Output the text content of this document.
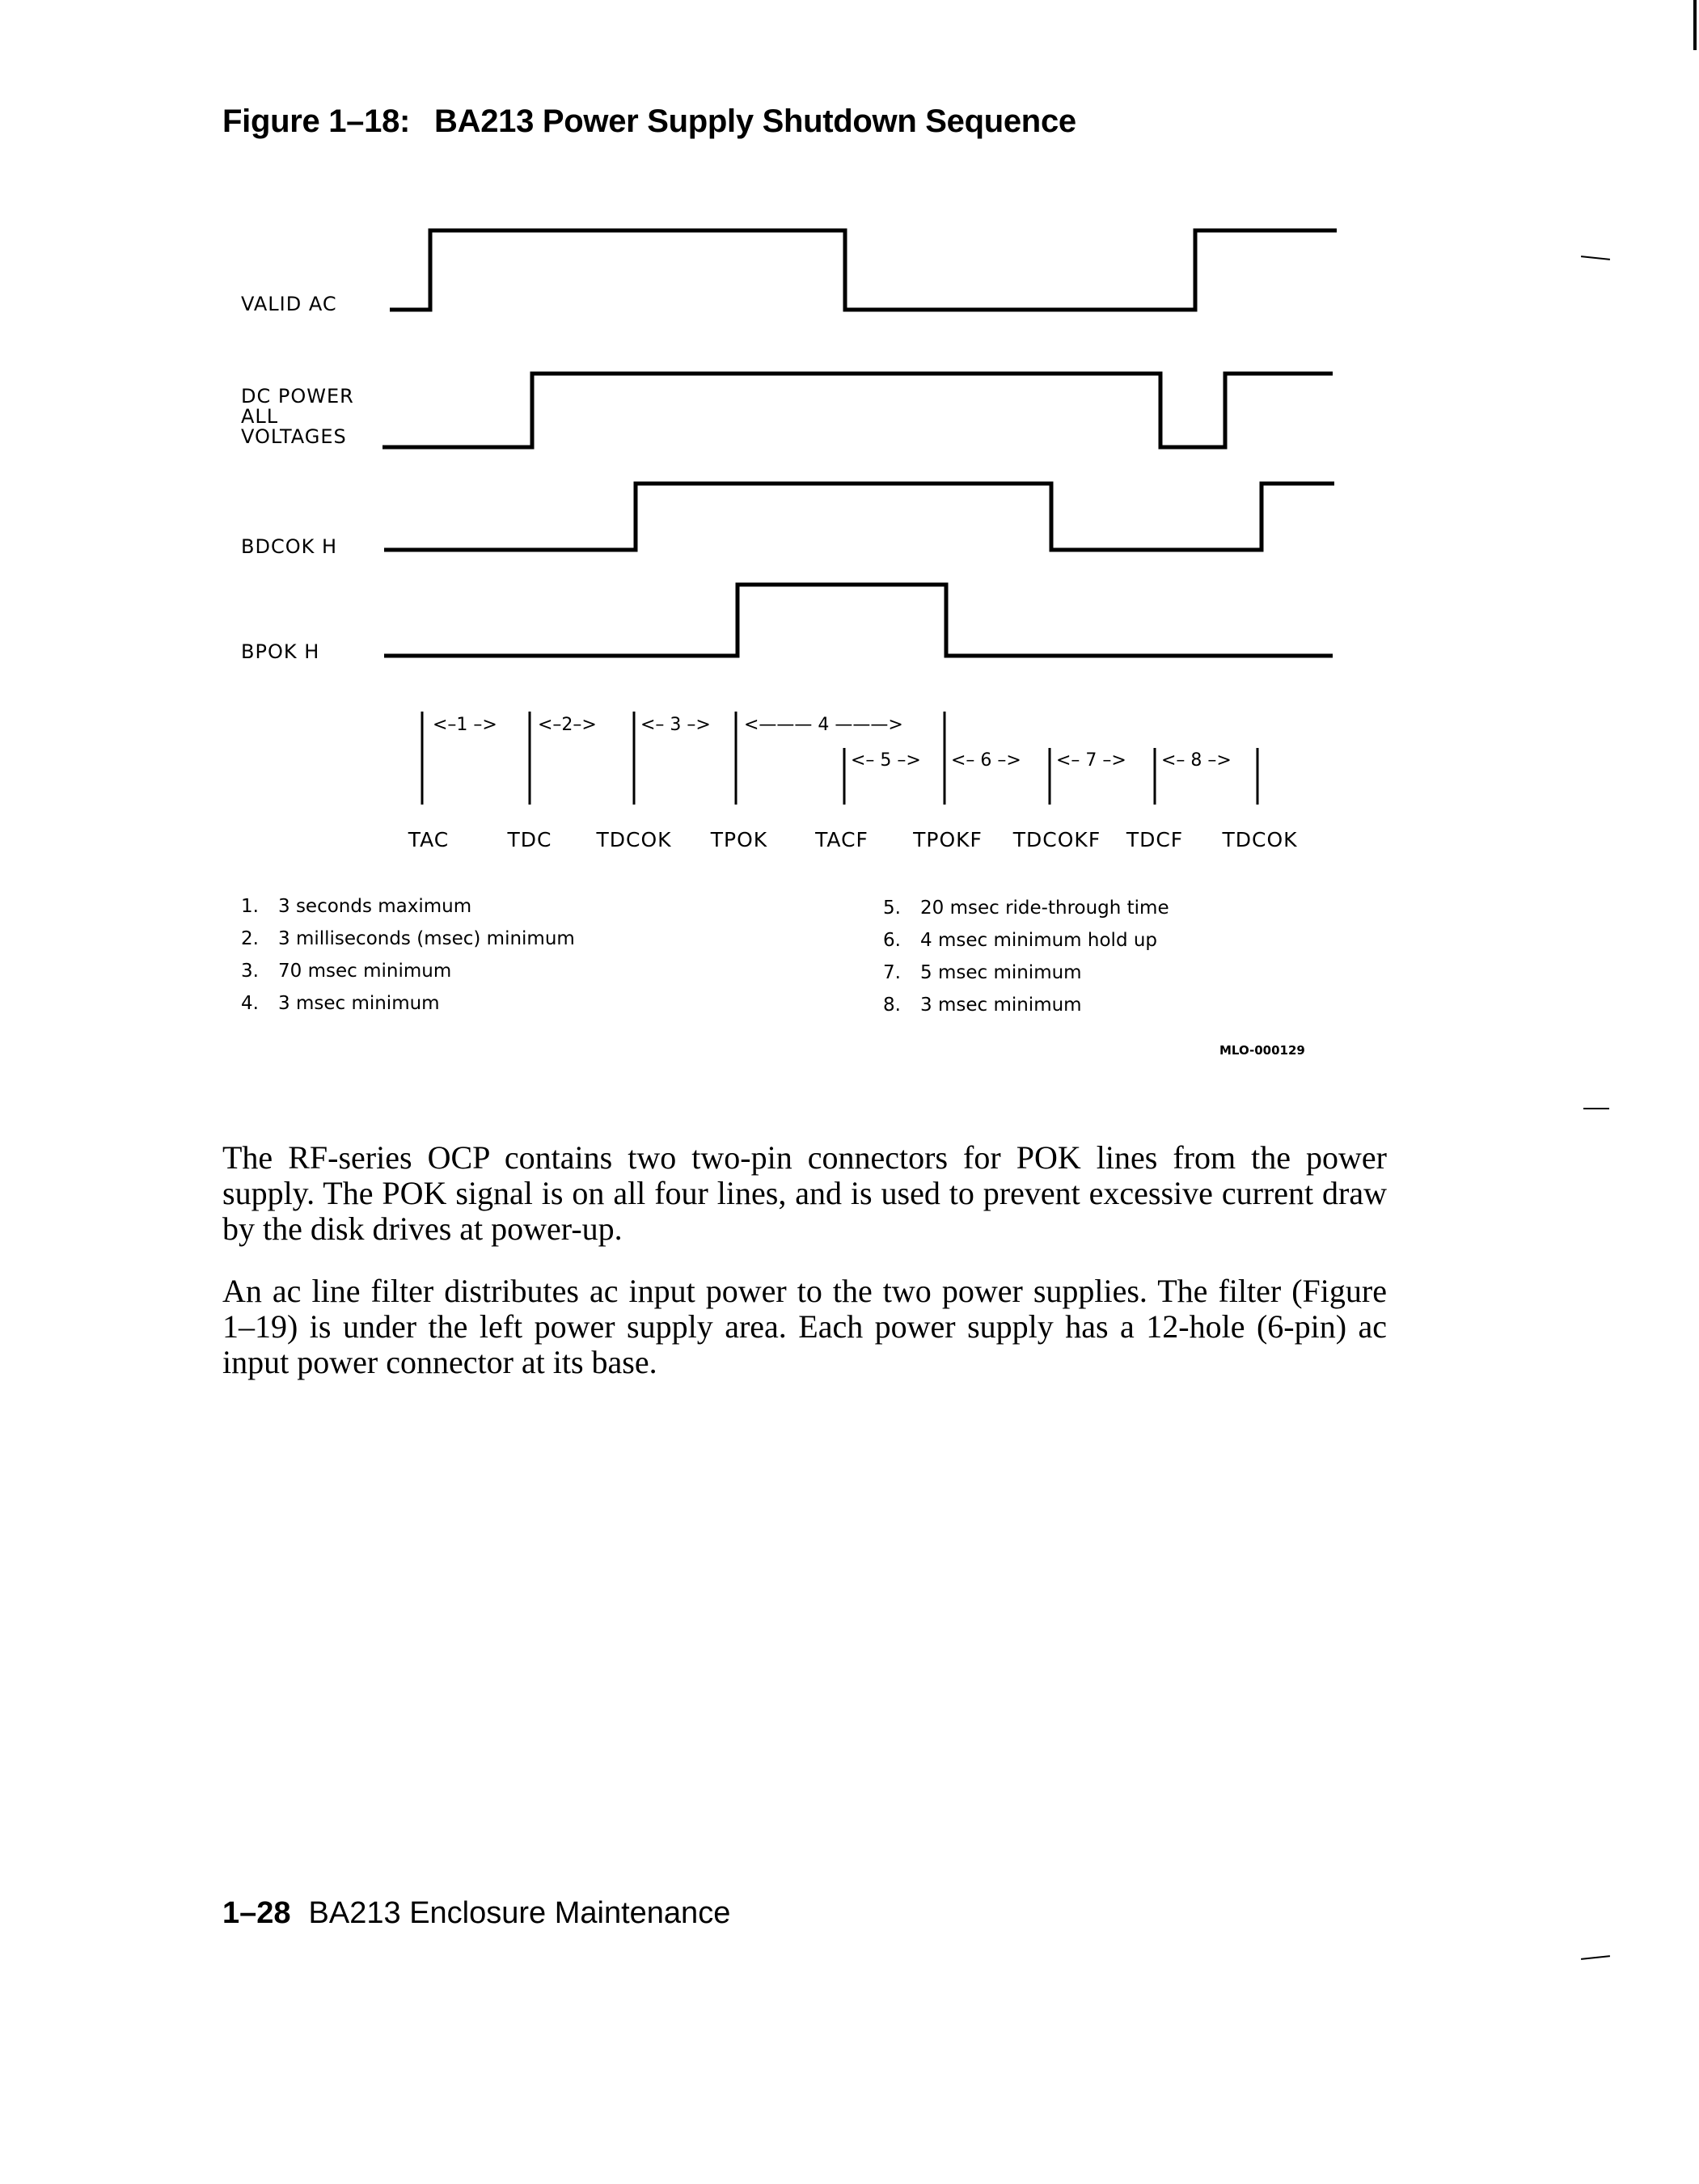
Figure 1–18: BA213 Power Supply Shutdown Sequence
VALID AC
DC POWER ALL VOLTAGES
BDCOK H
BPOK H
<–1 –> <–2–> <– 3 –> <——— 4 ———>
<– 5 –> <– 6 –> <– 7 –> <– 8 –>
TAC	TDC TDCOK TPOK TACF TPOKF TDCOKF TDCF TDCOK
1. 3 seconds maximum
2. 3 milliseconds (msec) minimum
3. 70 msec minimum
4. 3 msec minimum
5. 20 msec ride-through time
6. 4 msec minimum hold up
7. 5 msec minimum
8. 3 msec minimum
MLO-000129
The RF-series OCP contains two two-pin connectors for POK lines from the power supply. The POK signal is on all four lines, and is used to prevent excessive current draw by the disk drives at power-up.
An ac line filter distributes ac input power to the two power supplies. The filter (Figure 1–19) is under the left power supply area. Each power supply has a 12-hole (6-pin) ac input power connector at its base.
1–28 BA213 Enclosure Maintenance
